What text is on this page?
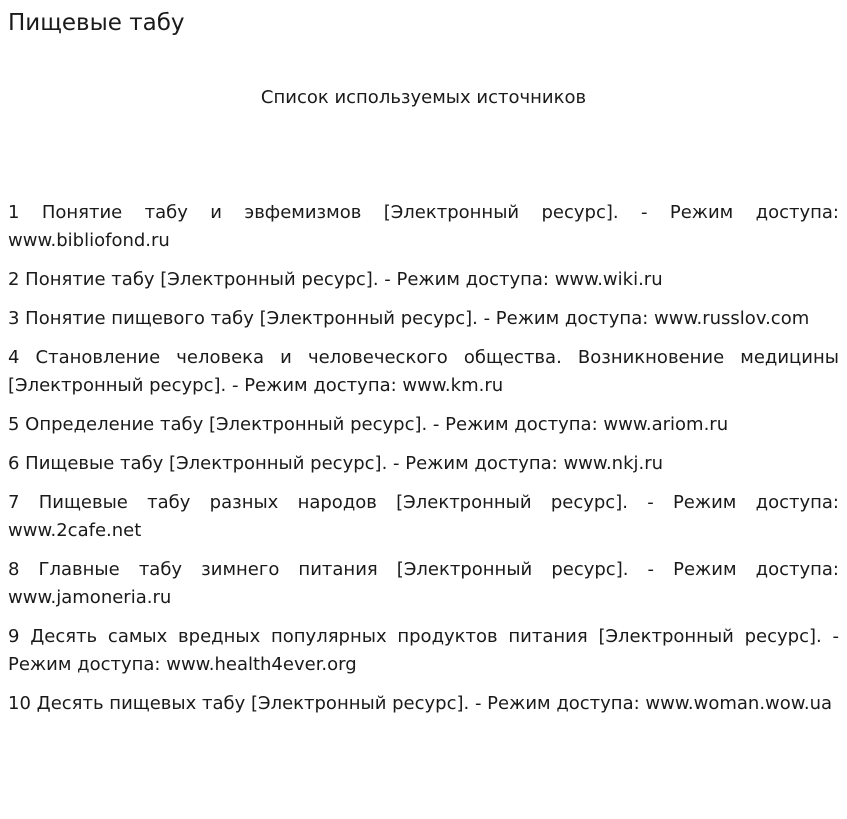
Пищевые табу
Список используемых источников
1 Понятие табу и эвфемизмов [Электронный ресурс]. - Режим доступа: www.bibliofond.ru
2 Понятие табу [Электронный ресурс]. - Режим доступа: www.wiki.ru
3 Понятие пищевого табу [Электронный ресурс]. - Режим доступа: www.russlov.com
4 Становление человека и человеческого общества. Возникновение медицины [Электронный ресурс]. - Режим доступа: www.km.ru
5 Определение табу [Электронный ресурс]. - Режим доступа: www.ariom.ru
6 Пищевые табу [Электронный ресурс]. - Режим доступа: www.nkj.ru
7 Пищевые табу разных народов [Электронный ресурс]. - Режим доступа: www.2cafe.net
8 Главные табу зимнего питания [Электронный ресурс]. - Режим доступа: www.jamoneria.ru
9 Десять самых вредных популярных продуктов питания [Электронный ресурс]. - Режим доступа: www.health4ever.org
10 Десять пищевых табу [Электронный ресурс]. - Режим доступа: www.woman.wow.ua
